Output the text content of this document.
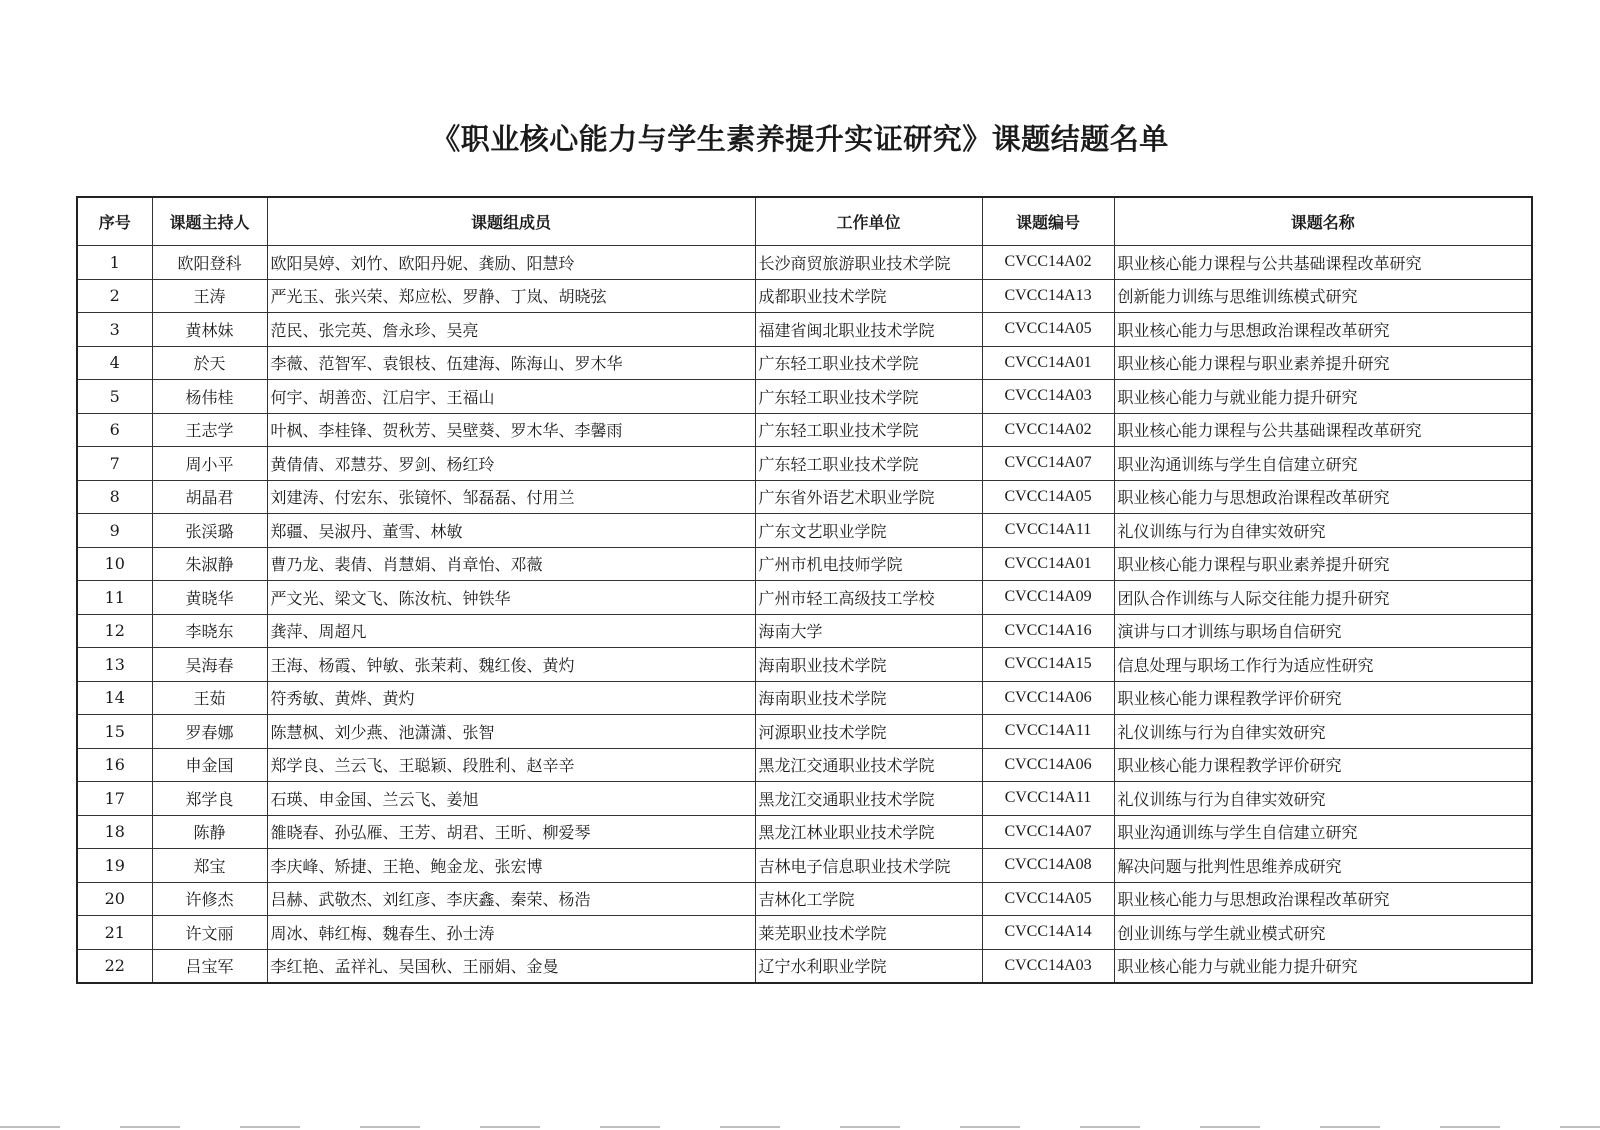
《职业核心能力与学生素养提升实证研究》课题结题名单
序号	课题主持人	课题组成员	工作单位	课题编号	课题名称
1	欧阳登科	欧阳昊婷、刘竹、欧阳丹妮、龚励、阳慧玲	长沙商贸旅游职业技术学院	CVCC14A02	职业核心能力课程与公共基础课程改革研究
2	王涛	严光玉、张兴荣、郑应松、罗静、丁岚、胡晓弦	成都职业技术学院	CVCC14A13	创新能力训练与思维训练模式研究
3	黄林妹	范民、张完英、詹永珍、吴亮	福建省闽北职业技术学院	CVCC14A05	职业核心能力与思想政治课程改革研究
4	於天	李薇、范智军、袁银枝、伍建海、陈海山、罗木华	广东轻工职业技术学院	CVCC14A01	职业核心能力课程与职业素养提升研究
5	杨伟桂	何宇、胡善峦、江启宇、王福山	广东轻工职业技术学院	CVCC14A03	职业核心能力与就业能力提升研究
6	王志学	叶枫、李桂锋、贺秋芳、吴壁葵、罗木华、李馨雨	广东轻工职业技术学院	CVCC14A02	职业核心能力课程与公共基础课程改革研究
7	周小平	黄倩倩、邓慧芬、罗剑、杨红玲	广东轻工职业技术学院	CVCC14A07	职业沟通训练与学生自信建立研究
8	胡晶君	刘建涛、付宏东、张镜怀、邹磊磊、付用兰	广东省外语艺术职业学院	CVCC14A05	职业核心能力与思想政治课程改革研究
9	张渓璐	郑疆、吴淑丹、董雪、林敏	广东文艺职业学院	CVCC14A11	礼仪训练与行为自律实效研究
10	朱淑静	曹乃龙、裴倩、肖慧娟、肖章怡、邓薇	广州市机电技师学院	CVCC14A01	职业核心能力课程与职业素养提升研究
11	黄晓华	严文光、梁文飞、陈汝杭、钟铁华	广州市轻工高级技工学校	CVCC14A09	团队合作训练与人际交往能力提升研究
12	李晓东	龚萍、周超凡	海南大学	CVCC14A16	演讲与口才训练与职场自信研究
13	吴海春	王海、杨霞、钟敏、张茉莉、魏红俊、黄灼	海南职业技术学院	CVCC14A15	信息处理与职场工作行为适应性研究
14	王茹	符秀敏、黄烨、黄灼	海南职业技术学院	CVCC14A06	职业核心能力课程教学评价研究
15	罗春娜	陈慧枫、刘少燕、池潇潇、张智	河源职业技术学院	CVCC14A11	礼仪训练与行为自律实效研究
16	申金国	郑学良、兰云飞、王聪颖、段胜利、赵辛辛	黑龙江交通职业技术学院	CVCC14A06	职业核心能力课程教学评价研究
17	郑学良	石瑛、申金国、兰云飞、姜旭	黑龙江交通职业技术学院	CVCC14A11	礼仪训练与行为自律实效研究
18	陈静	雒晓春、孙弘雁、王芳、胡君、王昕、柳爱琴	黑龙江林业职业技术学院	CVCC14A07	职业沟通训练与学生自信建立研究
19	郑宝	李庆峰、矫捷、王艳、鲍金龙、张宏博	吉林电子信息职业技术学院	CVCC14A08	解决问题与批判性思维养成研究
20	许修杰	吕赫、武敬杰、刘红彦、李庆鑫、秦荣、杨浩	吉林化工学院	CVCC14A05	职业核心能力与思想政治课程改革研究
21	许文丽	周冰、韩红梅、魏春生、孙士涛	莱芜职业技术学院	CVCC14A14	创业训练与学生就业模式研究
22	吕宝军	李红艳、孟祥礼、吴国秋、王丽娟、金曼	辽宁水利职业学院	CVCC14A03	职业核心能力与就业能力提升研究
